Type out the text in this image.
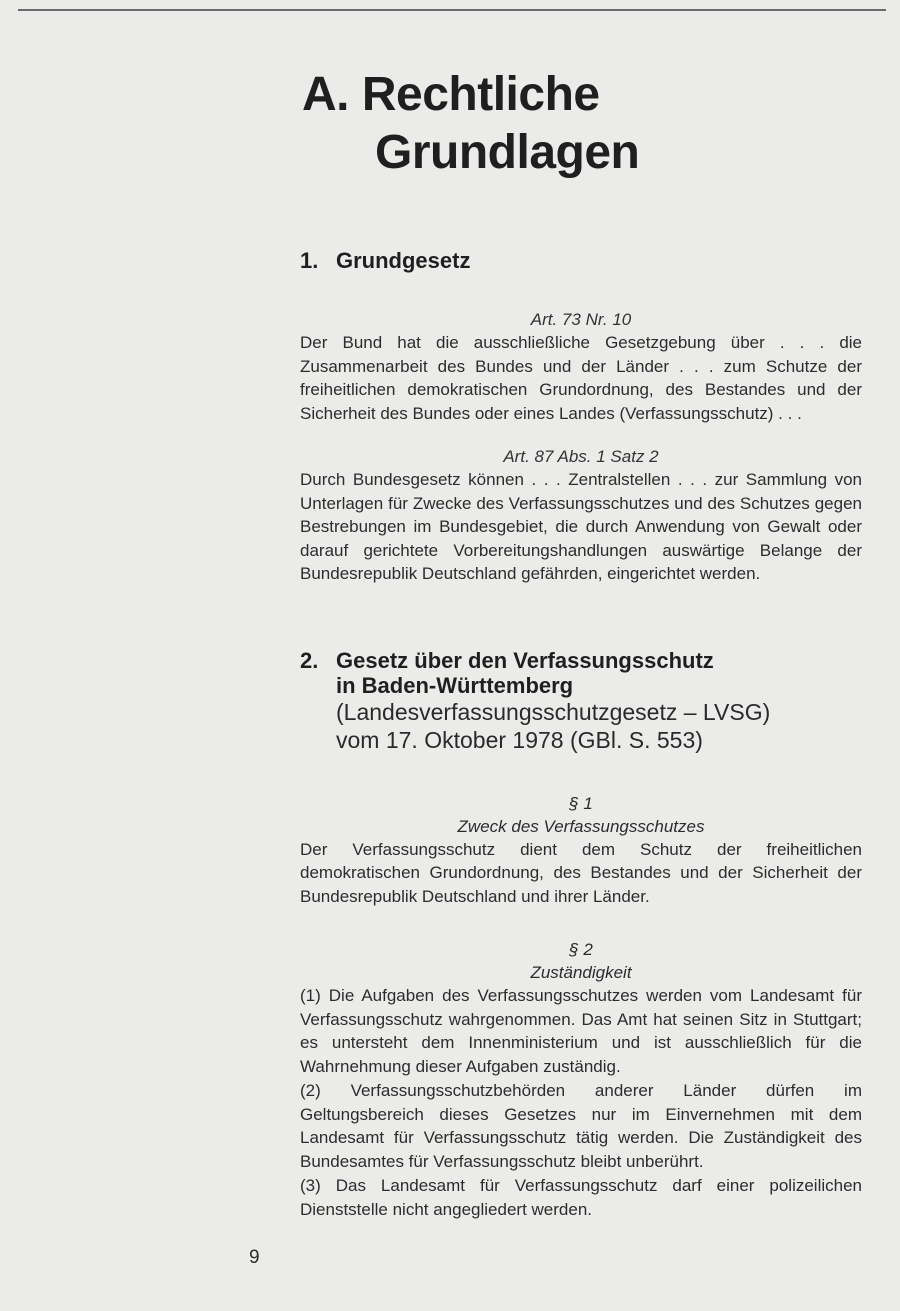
9
A. Rechtliche
Grundlagen
1. Grundgesetz
Art. 73 Nr. 10

Der Bund hat die ausschließliche Gesetzgebung über . . . die Zusammenarbeit des Bundes und der Länder . . . zum Schutze der freiheitlichen demokratischen Grundordnung, des Bestandes und der Sicherheit des Bundes oder eines Landes (Verfassungsschutz) . . .

Art. 87 Abs. 1 Satz 2

Durch Bundesgesetz können . . . Zentralstellen . . . zur Sammlung von Unterlagen für Zwecke des Verfassungsschutzes und des Schutzes gegen Bestrebungen im Bundesgebiet, die durch Anwendung von Gewalt oder darauf gerichtete Vorbereitungshandlungen auswärtige Belange der Bundesrepublik Deutschland gefährden, eingerichtet werden.

2. Gesetz über den Verfassungsschutz
in Baden-Württemberg
(Landesverfassungsschutzgesetz – LVSG)
vom 17. Oktober 1978 (GBl. S. 553)
§ 1
Zweck des Verfassungsschutzes

Der Verfassungsschutz dient dem Schutz der freiheitlichen demokratischen Grundordnung, des Bestandes und der Sicherheit der Bundesrepublik Deutschland und ihrer Länder.

§ 2
Zuständigkeit

(1) Die Aufgaben des Verfassungsschutzes werden vom Landesamt für Verfassungsschutz wahrgenommen. Das Amt hat seinen Sitz in Stuttgart; es untersteht dem Innenministerium und ist ausschließlich für die Wahrnehmung dieser Aufgaben zuständig.

(2) Verfassungsschutzbehörden anderer Länder dürfen im Geltungsbereich dieses Gesetzes nur im Einvernehmen mit dem Landesamt für Verfassungsschutz tätig werden. Die Zuständigkeit des Bundesamtes für Verfassungsschutz bleibt unberührt.

(3) Das Landesamt für Verfassungsschutz darf einer polizeilichen Dienststelle nicht angegliedert werden.
